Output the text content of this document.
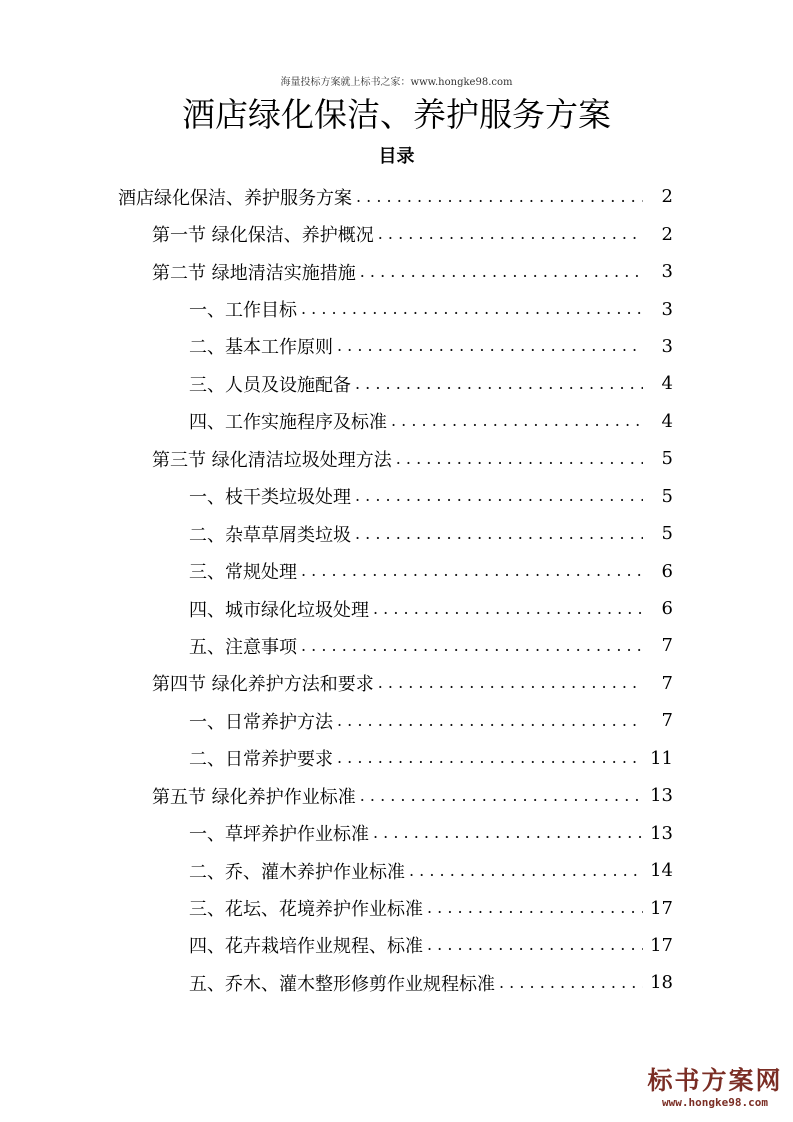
海量投标方案就上标书之家：www.hongke98.com
酒店绿化保洁、养护服务方案
目录
酒店绿化保洁、养护服务方案 . . .	2
第一节 绿化保洁、养护概况 . . .	2
第二节 绿地清洁实施措施 . . .	3
一、工作目标 . . .	3
二、基本工作原则 . . .	3
三、人员及设施配备 . . .	4
四、工作实施程序及标准 . . .	4
第三节 绿化清洁垃圾处理方法 . . .	5
一、枝干类垃圾处理 . . .	5
二、杂草草屑类垃圾 . . .	5
三、常规处理 . . .	6
四、城市绿化垃圾处理 . . .	6
五、注意事项 . . .	7
第四节 绿化养护方法和要求 . . .	7
一、日常养护方法 . . .	7
二、日常养护要求 . . .	11
第五节 绿化养护作业标准 . . .	13
一、草坪养护作业标准 . . .	13
二、乔、灌木养护作业标准 . . .	14
三、花坛、花境养护作业标准 . . .	17
四、花卉栽培作业规程、标准 . . .	17
五、乔木、灌木整形修剪作业规程标准 . . .	18
标书方案网
www.hongke98.com
